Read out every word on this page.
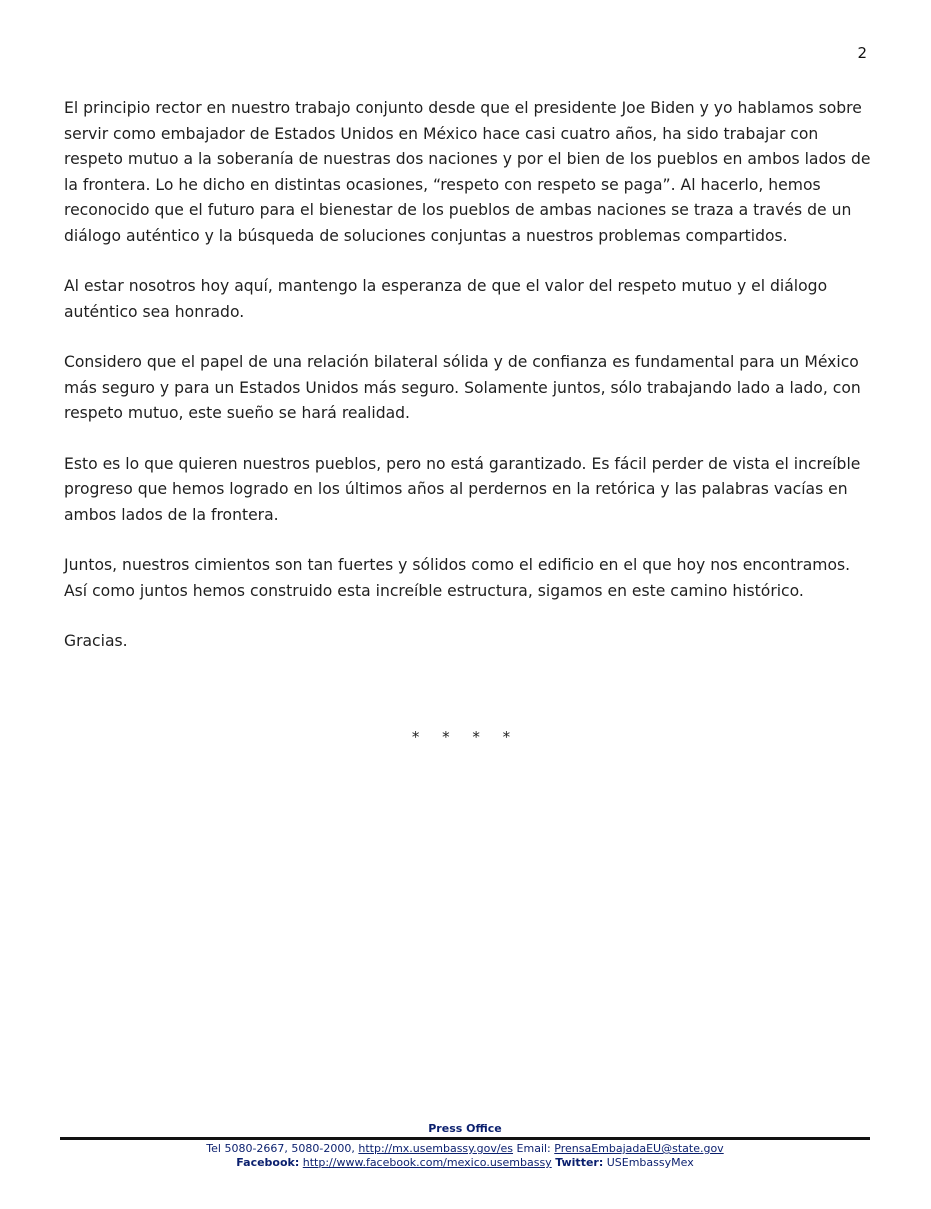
2

El principio rector en nuestro trabajo conjunto desde que el presidente Joe Biden y yo hablamos sobre servir como embajador de Estados Unidos en México hace casi cuatro años, ha sido trabajar con respeto mutuo a la soberanía de nuestras dos naciones y por el bien de los pueblos en ambos lados de la frontera. Lo he dicho en distintas ocasiones, “respeto con respeto se paga”. Al hacerlo, hemos reconocido que el futuro para el bienestar de los pueblos de ambas naciones se traza a través de un diálogo auténtico y la búsqueda de soluciones conjuntas a nuestros problemas compartidos.

Al estar nosotros hoy aquí, mantengo la esperanza de que el valor del respeto mutuo y el diálogo auténtico sea honrado.

Considero que el papel de una relación bilateral sólida y de confianza es fundamental para un México más seguro y para un Estados Unidos más seguro. Solamente juntos, sólo trabajando lado a lado, con respeto mutuo, este sueño se hará realidad.

Esto es lo que quieren nuestros pueblos, pero no está garantizado. Es fácil perder de vista el increíble progreso que hemos logrado en los últimos años al perdernos en la retórica y las palabras vacías en ambos lados de la frontera.

Juntos, nuestros cimientos son tan fuertes y sólidos como el edificio en el que hoy nos encontramos. Así como juntos hemos construido esta increíble estructura, sigamos en este camino histórico.

Gracias.

* * * *
Press Office
Tel 5080-2667, 5080-2000, http://mx.usembassy.gov/es Email: PrensaEmbajadaEU@state.gov
Facebook: http://www.facebook.com/mexico.usembassy Twitter: USEmbassyMex
